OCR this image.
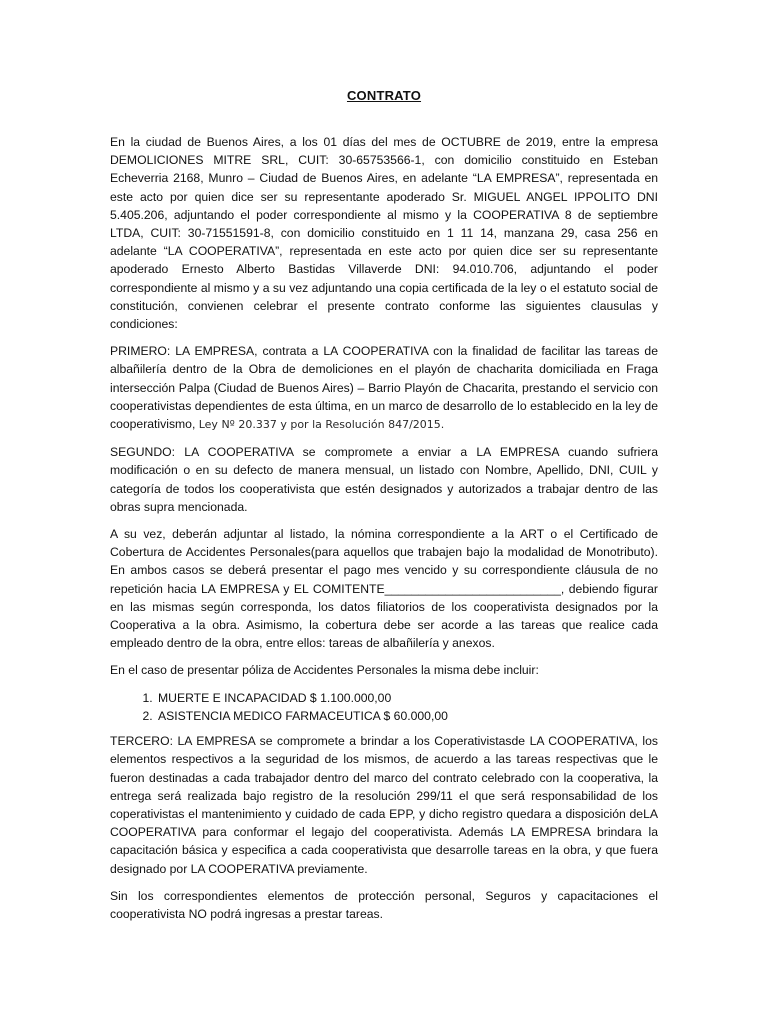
CONTRATO

En la ciudad de Buenos Aires, a los 01 días del mes de OCTUBRE de 2019, entre la empresa DEMOLICIONES MITRE SRL, CUIT: 30-65753566-1, con domicilio constituido en Esteban Echeverria 2168, Munro – Ciudad de Buenos Aires, en adelante “LA EMPRESA”, representada en este acto por quien dice ser su representante apoderado Sr. MIGUEL ANGEL IPPOLITO DNI 5.405.206, adjuntando el poder correspondiente al mismo y la COOPERATIVA 8 de septiembre LTDA, CUIT: 30-71551591-8, con domicilio constituido en 1 11 14, manzana 29, casa 256 en adelante “LA COOPERATIVA”, representada en este acto por quien dice ser su representante apoderado Ernesto Alberto Bastidas Villaverde DNI: 94.010.706, adjuntando el poder correspondiente al mismo y a su vez adjuntando una copia certificada de la ley o el estatuto social de constitución, convienen celebrar el presente contrato conforme las siguientes clausulas y condiciones:

PRIMERO: LA EMPRESA, contrata a LA COOPERATIVA con la finalidad de facilitar las tareas de albañilería dentro de la Obra de demoliciones en el playón de chacharita domiciliada en Fraga intersección Palpa (Ciudad de Buenos Aires) – Barrio Playón de Chacarita, prestando el servicio con cooperativistas dependientes de esta última, en un marco de desarrollo de lo establecido en la ley de cooperativismo, Ley Nº 20.337 y por la Resolución 847/2015.

SEGUNDO: LA COOPERATIVA se compromete a enviar a LA EMPRESA cuando sufriera modificación o en su defecto de manera mensual, un listado con Nombre, Apellido, DNI, CUIL y categoría de todos los cooperativista que estén designados y autorizados a trabajar dentro de las obras supra mencionada.

A su vez, deberán adjuntar al listado, la nómina correspondiente a la ART o el Certificado de Cobertura de Accidentes Personales(para aquellos que trabajen bajo la modalidad de Monotributo). En ambos casos se deberá presentar el pago mes vencido y su correspondiente cláusula de no repetición hacia LA EMPRESA y EL COMITENTE__________________________, debiendo figurar en las mismas según corresponda, los datos filiatorios de los cooperativista designados por la Cooperativa a la obra. Asimismo, la cobertura debe ser acorde a las tareas que realice cada empleado dentro de la obra, entre ellos: tareas de albañilería y anexos.

En el caso de presentar póliza de Accidentes Personales la misma debe incluir:

1. MUERTE E INCAPACIDAD $ 1.100.000,00
2. ASISTENCIA MEDICO FARMACEUTICA $ 60.000,00

TERCERO: LA EMPRESA se compromete a brindar a los Coperativistasde LA COOPERATIVA, los elementos respectivos a la seguridad de los mismos, de acuerdo a las tareas respectivas que le fueron destinadas a cada trabajador dentro del marco del contrato celebrado con la cooperativa, la entrega será realizada bajo registro de la resolución 299/11 el que será responsabilidad de los coperativistas el mantenimiento y cuidado de cada EPP, y dicho registro quedara a disposición deLA COOPERATIVA para conformar el legajo del cooperativista. Además LA EMPRESA brindara la capacitación básica y especifica a cada cooperativista que desarrolle tareas en la obra, y que fuera designado por LA COOPERATIVA previamente.

Sin los correspondientes elementos de protección personal, Seguros y capacitaciones el cooperativista NO podrá ingresas a prestar tareas.
